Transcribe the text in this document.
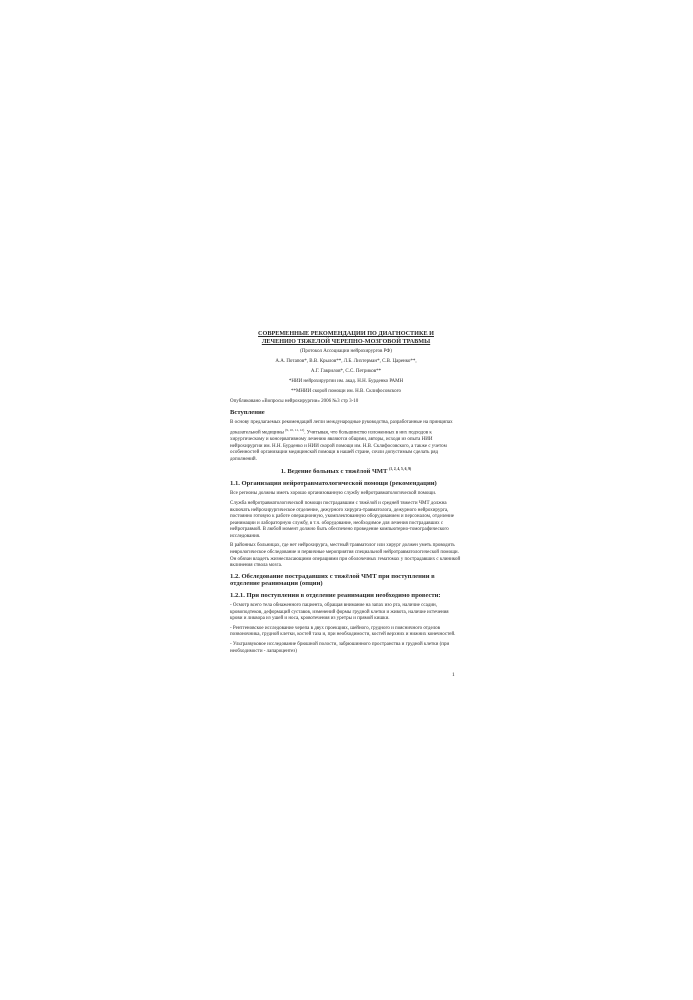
СОВРЕМЕННЫЕ РЕКОМЕНДАЦИИ ПО ДИАГНОСТИКЕ И
ЛЕЧЕНИЮ ТЯЖЕЛОЙ ЧЕРЕПНО-МОЗГОВОЙ ТРАВМЫ
(Протокол Ассоциации нейрохирургов РФ)
А.А. Потапов*, В.В. Крылов**, Л.Б. Лихтерман*, С.В. Царенко**,
А.Г. Гаврилов*, С.С. Петриков**
*НИИ нейрохирургии им. акад. Н.Н. Бурденко РАМН
**МНИИ скорой помощи им. Н.В. Склифосовского
Опубликовано «Вопросы нейрохирургии» 2006 №3 стр 3-10
Вступление

В основу предлагаемых рекомендаций легли международные руководства, разработанные на принципах доказательной медицины $^{(9, 10, 11, 12)}$. Учитывая, что большинство изложенных в них подходов к хирургическому и консервативному лечению являются общими, авторы, исходя из опыта НИИ нейрохирургии им. Н.Н. Бурденко и НИИ скорой помощи им. Н.В. Склифосовского, а также с учетом особенностей организации медицинской помощи в нашей стране, сочли допустимым сделать ряд дополнений.

1. Ведение больных с тяжёлой ЧМТ $^{(1, 2, 4, 5, 6, 9)}$
1.1. Организация нейротравматологической помощи (рекомендации)

Все регионы должны иметь хорошо организованную службу нейротравматологической помощи.

Служба нейротравматологической помощи пострадавшим с тяжёлой и средней тяжести ЧМТ должна включать нейрохирургическое отделение, дежурного хирурга-травматолога, дежурного нейрохирурга, постоянно готовую к работе операционную, укомплектованную оборудованием и персоналом, отделение реанимации и лабораторную службу, в т.ч. оборудование, необходимое для лечения пострадавших с нейротравмой. В любой момент должно быть обеспечено проведение компьютерно-томографического исследования.

В районных больницах, где нет нейрохирурга, местный травматолог или хирург должен уметь проводить неврологическое обследование и первичные мероприятия специальной нейротравматологической помощи. Он обязан владеть жизнеспасающими операциями при оболочечных гематомах у пострадавших с клиникой вклинения ствола мозга.

1.2. Обследование пострадавших с тяжёлой ЧМТ при поступлении в отделение реанимации (опции)
1.2.1. При поступлении в отделение реанимации необходимо провести:

- Осмотр всего тела обнаженного пациента, обращая внимание на запах изо рта, наличие ссадин, кровоподтеков, деформаций суставов, изменений формы грудной клетки и живота, наличие истечения крови и ликвора из ушей и носа, кровотечения из уретры и прямой кишки.

- Рентгеновское исследование черепа в двух проекциях, шейного, грудного и поясничного отделов позвоночника, грудной клетки, костей таза и, при необходимости, костей верхних и нижних конечностей.

- Ультразвуковое исследование брюшной полости, забрюшинного пространства и грудной клетки (при необходимости - лапароцентез)

1
